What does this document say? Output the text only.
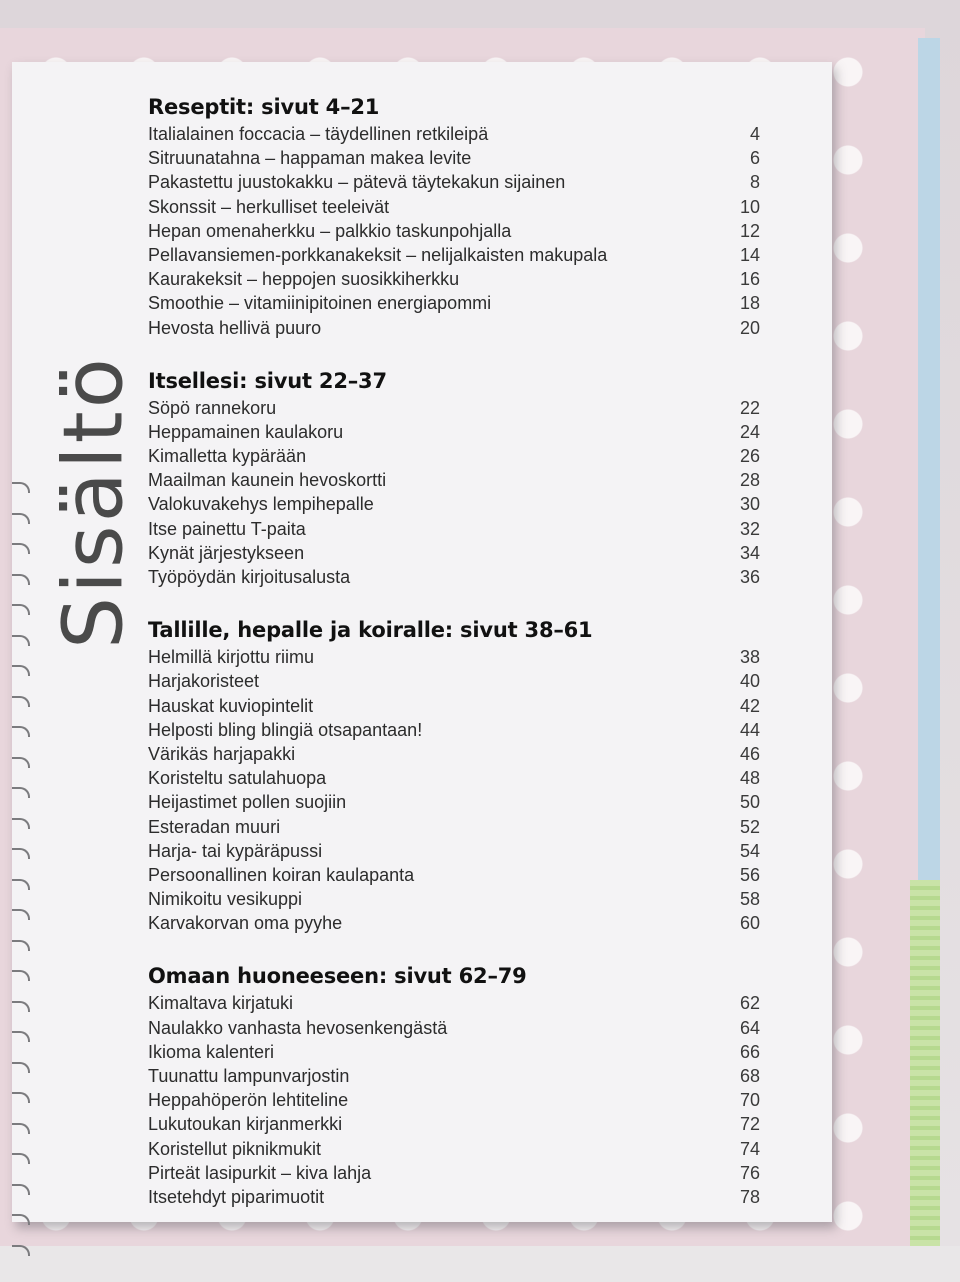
Sisältö
Reseptit: sivut 4–21
Italialainen foccacia – täydellinen retkileipä	4
Sitruunatahna – happaman makea levite	6
Pakastettu juustokakku – pätevä täytekakun sijainen	8
Skonssit – herkulliset teeleivät	10
Hepan omenaherkku – palkkio taskunpohjalla	12
Pellavansiemen-porkkanakeksit – nelijalkaisten makupala	14
Kaurakeksit – heppojen suosikkiherkku	16
Smoothie – vitamiinipitoinen energiapommi	18
Hevosta hellivä puuro	20
Itsellesi: sivut 22–37
Söpö rannekoru	22
Heppamainen kaulakoru	24
Kimalletta kypärään	26
Maailman kaunein hevoskortti	28
Valokuvakehys lempihepalle	30
Itse painettu T-paita	32
Kynät järjestykseen	34
Työpöydän kirjoitusalusta	36
Tallille, hepalle ja koiralle: sivut 38–61
Helmillä kirjottu riimu	38
Harjakoristeet	40
Hauskat kuviopintelit	42
Helposti bling blingiä otsapantaan!	44
Värikäs harjapakki	46
Koristeltu satulahuopa	48
Heijastimet pollen suojiin	50
Esteradan muuri	52
Harja- tai kypäräpussi	54
Persoonallinen koiran kaulapanta	56
Nimikoitu vesikuppi	58
Karvakorvan oma pyyhe	60
Omaan huoneeseen: sivut 62–79
Kimaltava kirjatuki	62
Naulakko vanhasta hevosenkengästä	64
Ikioma kalenteri	66
Tuunattu lampunvarjostin	68
Heppahöperön lehtiteline	70
Lukutoukan kirjanmerkki	72
Koristellut piknikmukit	74
Pirteät lasipurkit – kiva lahja	76
Itsetehdyt piparimuotit	78
